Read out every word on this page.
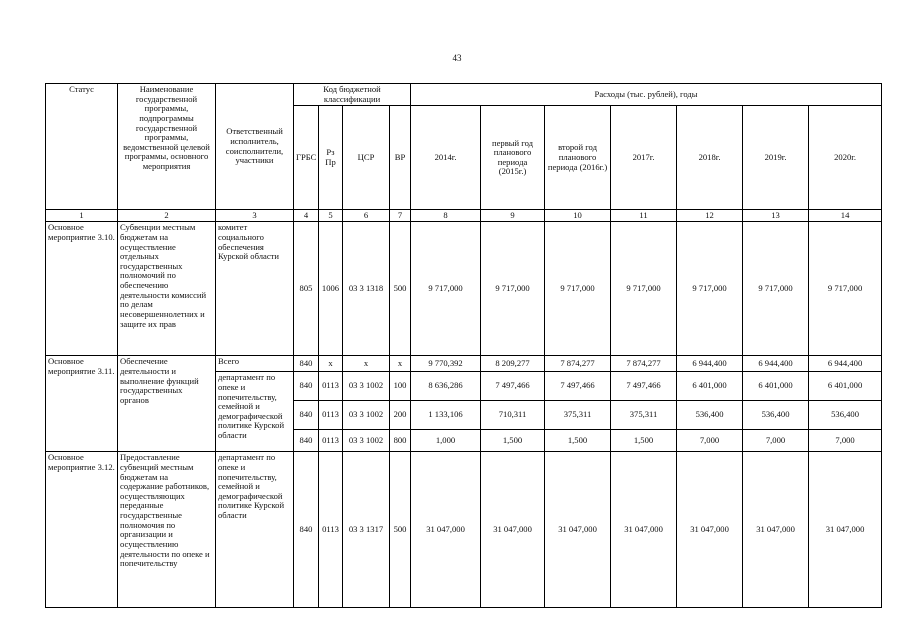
43
Статус	Наименование государственной программы, подпрограммы государственной программы, ведомственной целевой программы, основного мероприятия	Ответственный исполнитель, соисполнители, участники	Код бюджетной классификации				Расходы (тыс. рублей), годы						
			ГРБС	Рз Пр	ЦСР	ВР	2014г.	первый год планового периода (2015г.)	второй год планового периода (2016г.)	2017г.	2018г.	2019г.	2020г.
1	2	3	4	5	6	7	8	9	10	11	12	13	14
Основное мероприятие 3.10.	Субвенции местным бюджетам на осуществление отдельных государственных полномочий по обеспечению деятельности комиссий по делам несовершеннолетних и защите их прав	комитет социального обеспечения Курской области	805	1006	03 3 1318	500	9 717,000	9 717,000	9 717,000	9 717,000	9 717,000	9 717,000	9 717,000
Основное мероприятие 3.11.	Обеспечение деятельности и выполнение функций государственных органов	Всего	840	x	x	x	9 770,392	8 209,277	7 874,277	7 874,277	6 944,400	6 944,400	6 944,400
		департамент по опеке и попечительству, семейной и демографической политике Курской области	840	0113	03 3 1002	100	8 636,286	7 497,466	7 497,466	7 497,466	6 401,000	6 401,000	6 401,000
			840	0113	03 3 1002	200	1 133,106	710,311	375,311	375,311	536,400	536,400	536,400
			840	0113	03 3 1002	800	1,000	1,500	1,500	1,500	7,000	7,000	7,000
Основное мероприятие 3.12.	Предоставление субвенций местным бюджетам на содержание работников, осуществляющих переданные государственные полномочия по организации и осуществлению деятельности по опеке и попечительству	департамент по опеке и попечительству, семейной и демографической политике Курской области	840	0113	03 3 1317	500	31 047,000	31 047,000	31 047,000	31 047,000	31 047,000	31 047,000	31 047,000
